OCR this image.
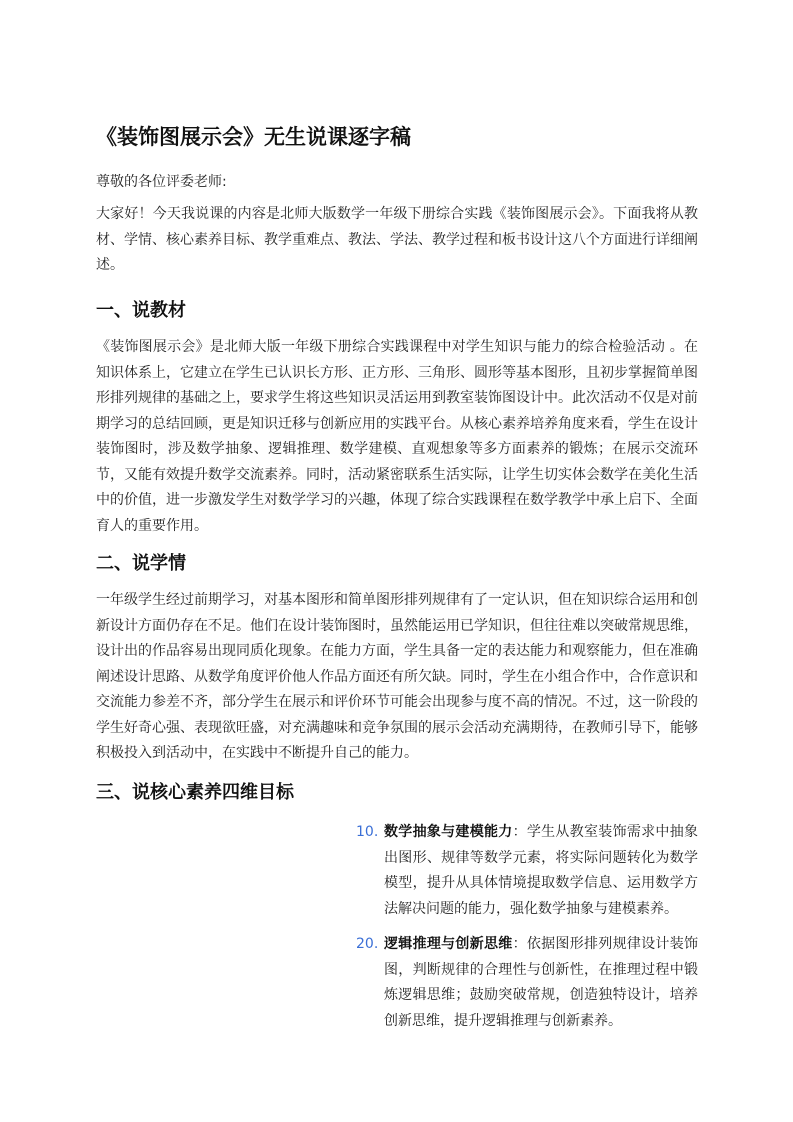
《装饰图展示会》无生说课逐字稿

尊敬的各位评委老师:

大家好！今天我说课的内容是北师大版数学一年级下册综合实践《装饰图展示会》。下面我将从教材、学情、核心素养目标、教学重难点、教法、学法、教学过程和板书设计这八个方面进行详细阐述。

一、说教材

《装饰图展示会》是北师大版一年级下册综合实践课程中对学生知识与能力的综合检验活动 。在知识体系上，它建立在学生已认识长方形、正方形、三角形、圆形等基本图形，且初步掌握简单图形排列规律的基础之上，要求学生将这些知识灵活运用到教室装饰图设计中。此次活动不仅是对前期学习的总结回顾，更是知识迁移与创新应用的实践平台。从核心素养培养角度来看，学生在设计装饰图时，涉及数学抽象、逻辑推理、数学建模、直观想象等多方面素养的锻炼；在展示交流环节，又能有效提升数学交流素养。同时，活动紧密联系生活实际，让学生切实体会数学在美化生活中的价值，进一步激发学生对数学学习的兴趣，体现了综合实践课程在数学教学中承上启下、全面育人的重要作用。

二、说学情

一年级学生经过前期学习，对基本图形和简单图形排列规律有了一定认识，但在知识综合运用和创新设计方面仍存在不足。他们在设计装饰图时，虽然能运用已学知识，但往往难以突破常规思维，设计出的作品容易出现同质化现象。在能力方面，学生具备一定的表达能力和观察能力，但在准确阐述设计思路、从数学角度评价他人作品方面还有所欠缺。同时，学生在小组合作中，合作意识和交流能力参差不齐，部分学生在展示和评价环节可能会出现参与度不高的情况。不过，这一阶段的学生好奇心强、表现欲旺盛，对充满趣味和竞争氛围的展示会活动充满期待，在教师引导下，能够积极投入到活动中，在实践中不断提升自己的能力。

三、说核心素养四维目标
10. 数学抽象与建模能力：学生从教室装饰需求中抽象出图形、规律等数学元素，将实际问题转化为数学模型，提升从具体情境提取数学信息、运用数学方法解决问题的能力，强化数学抽象与建模素养。
20. 逻辑推理与创新思维：依据图形排列规律设计装饰图，判断规律的合理性与创新性，在推理过程中锻炼逻辑思维；鼓励突破常规，创造独特设计，培养创新思维，提升逻辑推理与创新素养。
